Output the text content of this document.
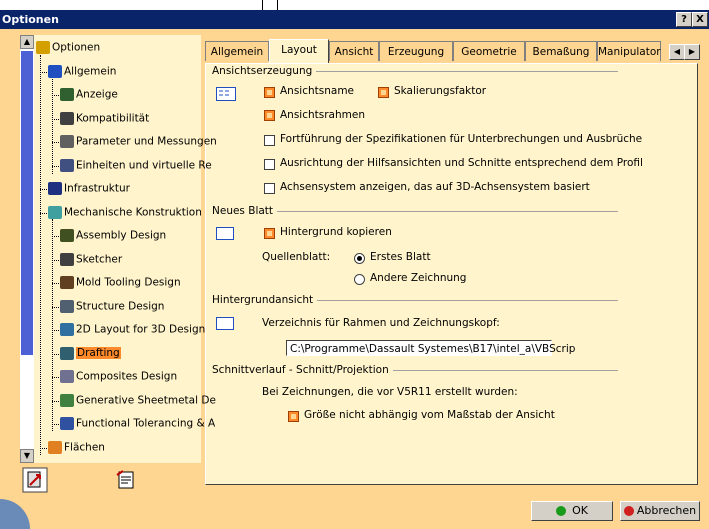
Optionen	? X
▲
▼
Allgemein	Layout	Ansicht	Erzeugung	Geometrie	Bemaßung Manipulator	◀	▶
Ansichtserzeugung
Ansichtsname	Skalierungsfaktor
Ansichtsrahmen
Fortführung der Spezifikationen für Unterbrechungen und Ausbrüche
Ausrichtung der Hilfsansichten und Schnitte entsprechend dem Profil
Achsensystem anzeigen, das auf 3D-Achsensystem basiert
Neues Blatt
Hintergrund kopieren
Quellenblatt:	Erstes Blatt
Andere Zeichnung
Hintergrundansicht
Verzeichnis für Rahmen und Zeichnungskopf:
C:\Programme\Dassault Systemes\B17\intel_a\VBScrip
Schnittverlauf - Schnitt/Projektion
Bei Zeichnungen, die vor V5R11 erstellt wurden:
Größe nicht abhängig vom Maßstab der Ansicht
OK	Abbrechen
Optionen
Allgemein
Anzeige
Kompatibilität
Parameter und Messungen
Einheiten und virtuelle Re
Infrastruktur
Mechanische Konstruktion
Assembly Design
Sketcher
Mold Tooling Design
Structure Design
2D Layout for 3D Design
Drafting
Composites Design
Generative Sheetmetal De
Functional Tolerancing & A
Flächen
